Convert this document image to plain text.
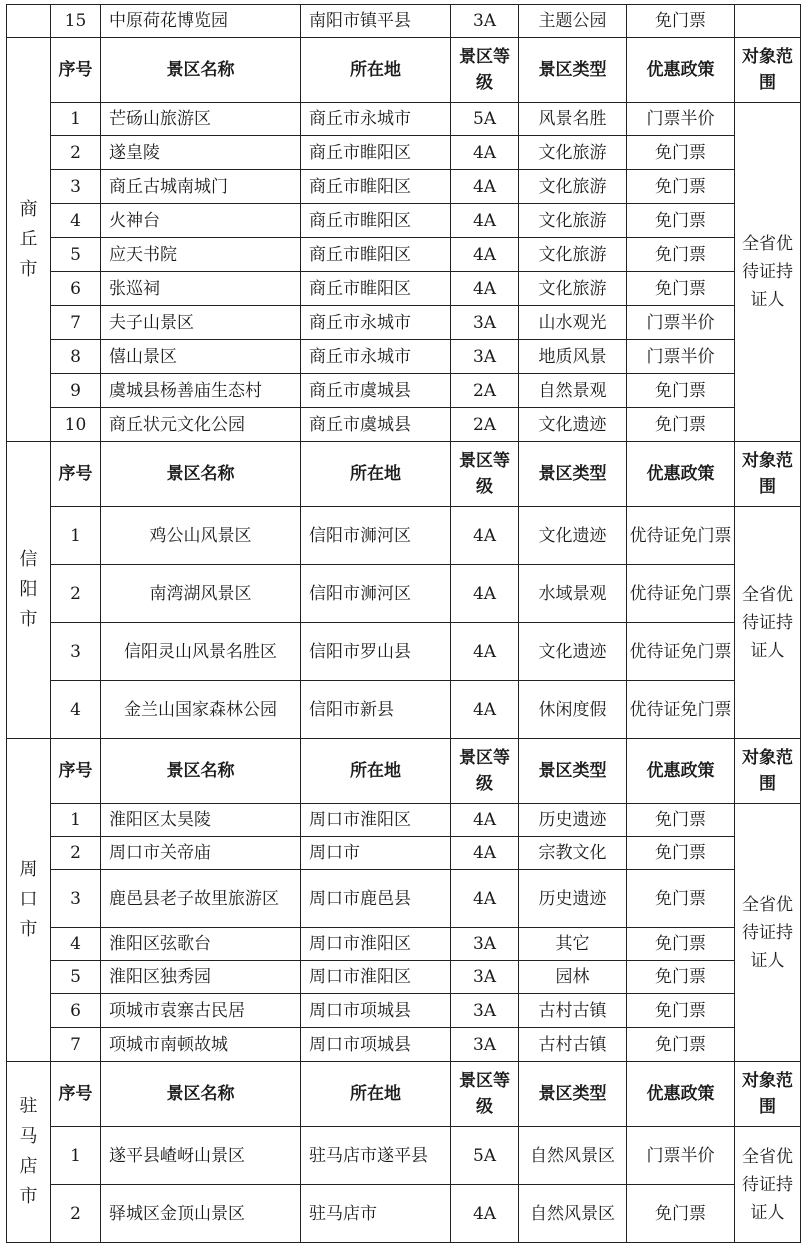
	15	中原荷花博览园	南阳市镇平县	3A	主题公园	免门票	
商丘市	序号	景区名称	所在地	景区等级	景区类型	优惠政策	对象范围
	1	芒砀山旅游区	商丘市永城市	5A	风景名胜	门票半价	全省优待证持证人
	2	遂皇陵	商丘市睢阳区	4A	文化旅游	免门票	
	3	商丘古城南城门	商丘市睢阳区	4A	文化旅游	免门票	
	4	火神台	商丘市睢阳区	4A	文化旅游	免门票	
	5	应天书院	商丘市睢阳区	4A	文化旅游	免门票	
	6	张巡祠	商丘市睢阳区	4A	文化旅游	免门票	
	7	夫子山景区	商丘市永城市	3A	山水观光	门票半价	
	8	僖山景区	商丘市永城市	3A	地质风景	门票半价	
	9	虞城县杨善庙生态村	商丘市虞城县	2A	自然景观	免门票	
	10	商丘状元文化公园	商丘市虞城县	2A	文化遗迹	免门票	
信阳市	序号	景区名称	所在地	景区等级	景区类型	优惠政策	对象范围
	1	鸡公山风景区	信阳市浉河区	4A	文化遗迹	优待证免门票	全省优待证持证人
	2	南湾湖风景区	信阳市浉河区	4A	水域景观	优待证免门票	
	3	信阳灵山风景名胜区	信阳市罗山县	4A	文化遗迹	优待证免门票	
	4	金兰山国家森林公园	信阳市新县	4A	休闲度假	优待证免门票	
周口市	序号	景区名称	所在地	景区等级	景区类型	优惠政策	对象范围
	1	淮阳区太昊陵	周口市淮阳区	4A	历史遗迹	免门票	全省优待证持证人
	2	周口市关帝庙	周口市	4A	宗教文化	免门票	
	3	鹿邑县老子故里旅游区	周口市鹿邑县	4A	历史遗迹	免门票	
	4	淮阳区弦歌台	周口市淮阳区	3A	其它	免门票	
	5	淮阳区独秀园	周口市淮阳区	3A	园林	免门票	
	6	项城市袁寨古民居	周口市项城县	3A	古村古镇	免门票	
	7	项城市南顿故城	周口市项城县	3A	古村古镇	免门票	
驻马店市	序号	景区名称	所在地	景区等级	景区类型	优惠政策	对象范围
	1	遂平县嵖岈山景区	驻马店市遂平县	5A	自然风景区	门票半价	全省优待证持证人
	2	驿城区金顶山景区	驻马店市	4A	自然风景区	免门票	
